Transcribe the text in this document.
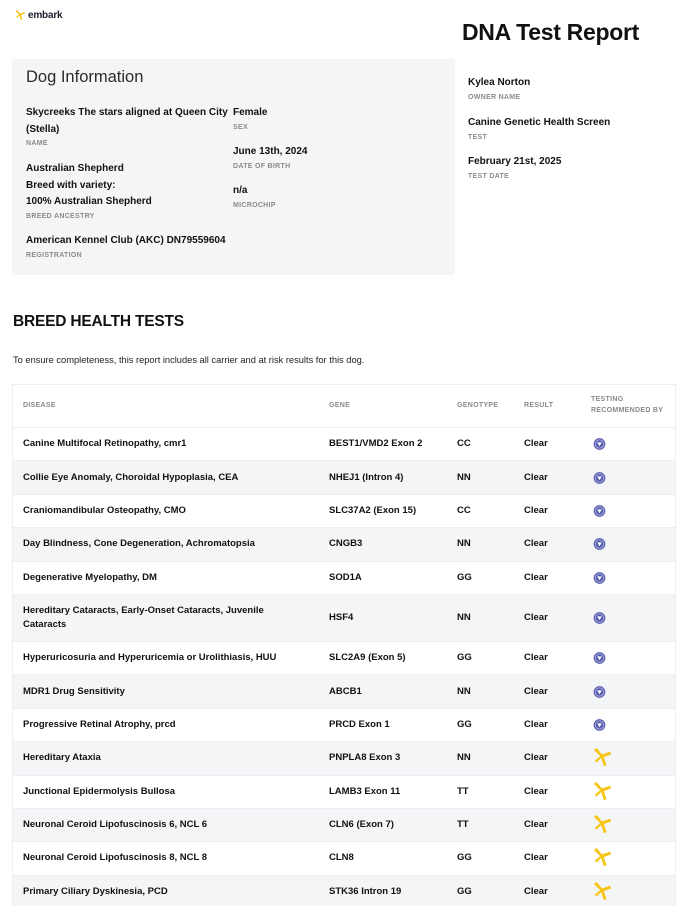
embark
DNA Test Report
Dog Information
Skycreeks The stars aligned at Queen City (Stella)
NAME
Female
SEX
June 13th, 2024
DATE OF BIRTH
Australian Shepherd
Breed with variety:
100% Australian Shepherd
BREED ANCESTRY
n/a
MICROCHIP
American Kennel Club (AKC) DN79559604
REGISTRATION
Kylea Norton
OWNER NAME
Canine Genetic Health Screen
TEST
February 21st, 2025
TEST DATE
BREED HEALTH TESTS
To ensure completeness, this report includes all carrier and at risk results for this dog.
DISEASE	GENE	GENOTYPE	RESULT
TESTING
RECOMMENDED BY
Canine Multifocal Retinopathy, cmr1	BEST1/VMD2 Exon 2	CC	Clear
Collie Eye Anomaly, Choroidal Hypoplasia, CEA	NHEJ1 (Intron 4)	NN	Clear
Craniomandibular Osteopathy, CMO	SLC37A2 (Exon 15)	CC	Clear
Day Blindness, Cone Degeneration, Achromatopsia	CNGB3	NN	Clear
Degenerative Myelopathy, DM	SOD1A	GG	Clear
Hereditary Cataracts, Early-Onset Cataracts, Juvenile Cataracts
HSF4	NN	Clear
Hyperuricosuria and Hyperuricemia or Urolithiasis, HUU	SLC2A9 (Exon 5)	GG	Clear
MDR1 Drug Sensitivity	ABCB1	NN	Clear
Progressive Retinal Atrophy, prcd	PRCD Exon 1	GG	Clear
Hereditary Ataxia	PNPLA8 Exon 3	NN	Clear
Junctional Epidermolysis Bullosa	LAMB3 Exon 11	TT	Clear
Neuronal Ceroid Lipofuscinosis 6, NCL 6	CLN6 (Exon 7)	TT	Clear
Neuronal Ceroid Lipofuscinosis 8, NCL 8	CLN8	GG	Clear
Primary Ciliary Dyskinesia, PCD	STK36 Intron 19	GG	Clear
